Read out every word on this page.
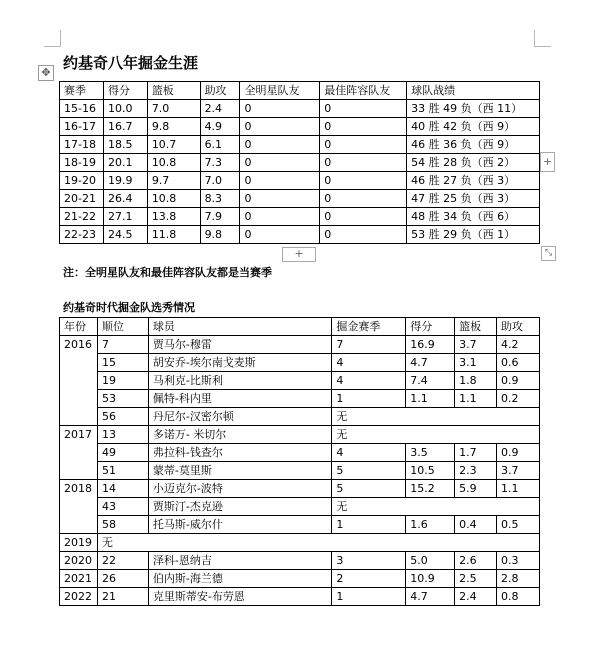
✥
约基奇八年掘金生涯
赛季	得分	篮板	助攻	全明星队友	最佳阵容队友	球队战绩
15-16	10.0	7.0	2.4	0	0	33 胜 49 负（西 11）
16-17	16.7	9.8	4.9	0	0	40 胜 42 负（西 9）
17-18	18.5	10.7	6.1	0	0	46 胜 36 负（西 9）
18-19	20.1	10.8	7.3	0	0	54 胜 28 负（西 2）
19-20	19.9	9.7	7.0	0	0	46 胜 27 负（西 3）
20-21	26.4	10.8	8.3	0	0	47 胜 25 负（西 3）
21-22	27.1	13.8	7.9	0	0	48 胜 34 负（西 6）
22-23	24.5	11.8	9.8	0	0	53 胜 29 负（西 1）
+
+
⤡
注：全明星队友和最佳阵容队友都是当赛季
约基奇时代掘金队选秀情况
年份	顺位	球员	掘金赛季	得分	篮板	助攻
2016	7	贾马尔-穆雷	7	16.9	3.7	4.2
	15	胡安乔-埃尔南戈麦斯	4	4.7	3.1	0.6
	19	马利克-比斯利	4	7.4	1.8	0.9
	53	佩特-科内里	1	1.1	1.1	0.2
	56	丹尼尔-汉密尔顿	无			
2017	13	多诺万- 米切尔	无			
	49	弗拉科-钱查尔	4	3.5	1.7	0.9
	51	蒙蒂-莫里斯	5	10.5	2.3	3.7
2018	14	小迈克尔-波特	5	15.2	5.9	1.1
	43	贾斯汀-杰克逊	无			
	58	托马斯-威尔什	1	1.6	0.4	0.5
2019	无					
2020	22	泽科-恩纳吉	3	5.0	2.6	0.3
2021	26	伯内斯-海兰德	2	10.9	2.5	2.8
2022	21	克里斯蒂安-布劳恩	1	4.7	2.4	0.8
